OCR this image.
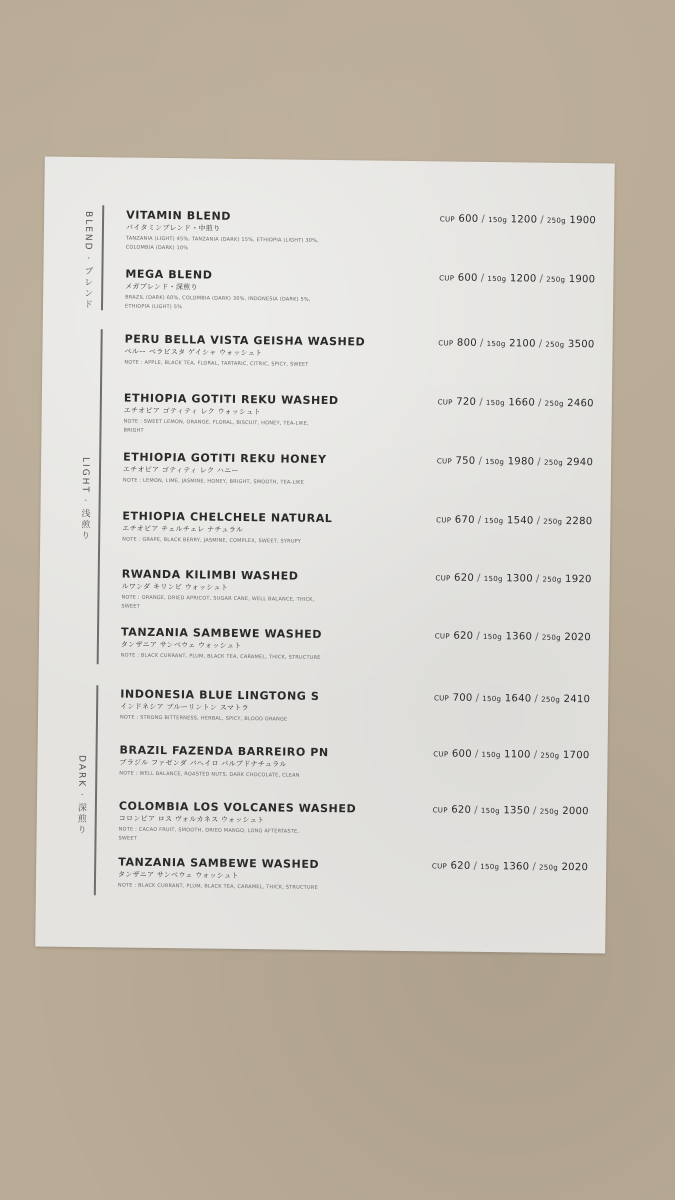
BLEND · ブレンド
LIGHT · 浅煎り
DARK · 深煎り
VITAMIN BLEND
バイタミンブレンド・中煎り
TANZANIA (LIGHT) 45%, TANZANIA (DARK) 15%, ETHIOPIA (LIGHT) 30%, COLOMBIA (DARK) 10%
CUP 600 / 150g 1200 / 250g 1900
MEGA BLEND
メガブレンド・深煎り
BRAZIL (DARK) 60%, COLOMBIA (DARK) 30%, INDONESIA (DARK) 5%, ETHIOPIA (LIGHT) 5%
CUP 600 / 150g 1200 / 250g 1900
PERU BELLA VISTA GEISHA WASHED
ペルー ベラビスタ ゲイシャ ウォッシュト
NOTE : APPLE, BLACK TEA, FLORAL, TARTARIC, CITRIC, SPICY, SWEET
CUP 800 / 150g 2100 / 250g 3500
ETHIOPIA GOTITI REKU WASHED
エチオピア ゴティティ レク ウォッシュト
NOTE : SWEET LEMON, ORANGE, FLORAL, BISCUIT, HONEY, TEA-LIKE, BRIGHT
CUP 720 / 150g 1660 / 250g 2460
ETHIOPIA GOTITI REKU HONEY
エチオピア ゴティティ レク ハニー
NOTE : LEMON, LIME, JASMINE, HONEY, BRIGHT, SMOOTH, TEA-LIKE
CUP 750 / 150g 1980 / 250g 2940
ETHIOPIA CHELCHELE NATURAL
エチオピア チェルチェレ ナチュラル
NOTE : GRAPE, BLACK BERRY, JASMINE, COMPLEX, SWEET, SYRUPY
CUP 670 / 150g 1540 / 250g 2280
RWANDA KILIMBI WASHED
ルワンダ キリンビ ウォッシュト
NOTE : ORANGE, DRIED APRICOT, SUGAR CANE, WELL BALANCE, THICK, SWEET
CUP 620 / 150g 1300 / 250g 1920
TANZANIA SAMBEWE WASHED
タンザニア サンベウェ ウォッシュト
NOTE : BLACK CURRANT, PLUM, BLACK TEA, CARAMEL, THICK, STRUCTURE
CUP 620 / 150g 1360 / 250g 2020
INDONESIA BLUE LINGTONG S
インドネシア ブルーリントン スマトラ
NOTE : STRONG BITTERNESS, HERBAL, SPICY, BLOOD ORANGE
CUP 700 / 150g 1640 / 250g 2410
BRAZIL FAZENDA BARREIRO PN
ブラジル ファゼンダ バヘイロ パルプドナチュラル
NOTE : WELL BALANCE, ROASTED NUTS, DARK CHOCOLATE, CLEAN
CUP 600 / 150g 1100 / 250g 1700
COLOMBIA LOS VOLCANES WASHED
コロンビア ロス ヴォルカネス ウォッシュト
NOTE : CACAO FRUIT, SMOOTH, DRIED MANGO, LONG AFTERTASTE, SWEET
CUP 620 / 150g 1350 / 250g 2000
TANZANIA SAMBEWE WASHED
タンザニア サンベウェ ウォッシュト
NOTE : BLACK CURRANT, PLUM, BLACK TEA, CARAMEL, THICK, STRUCTURE
CUP 620 / 150g 1360 / 250g 2020
